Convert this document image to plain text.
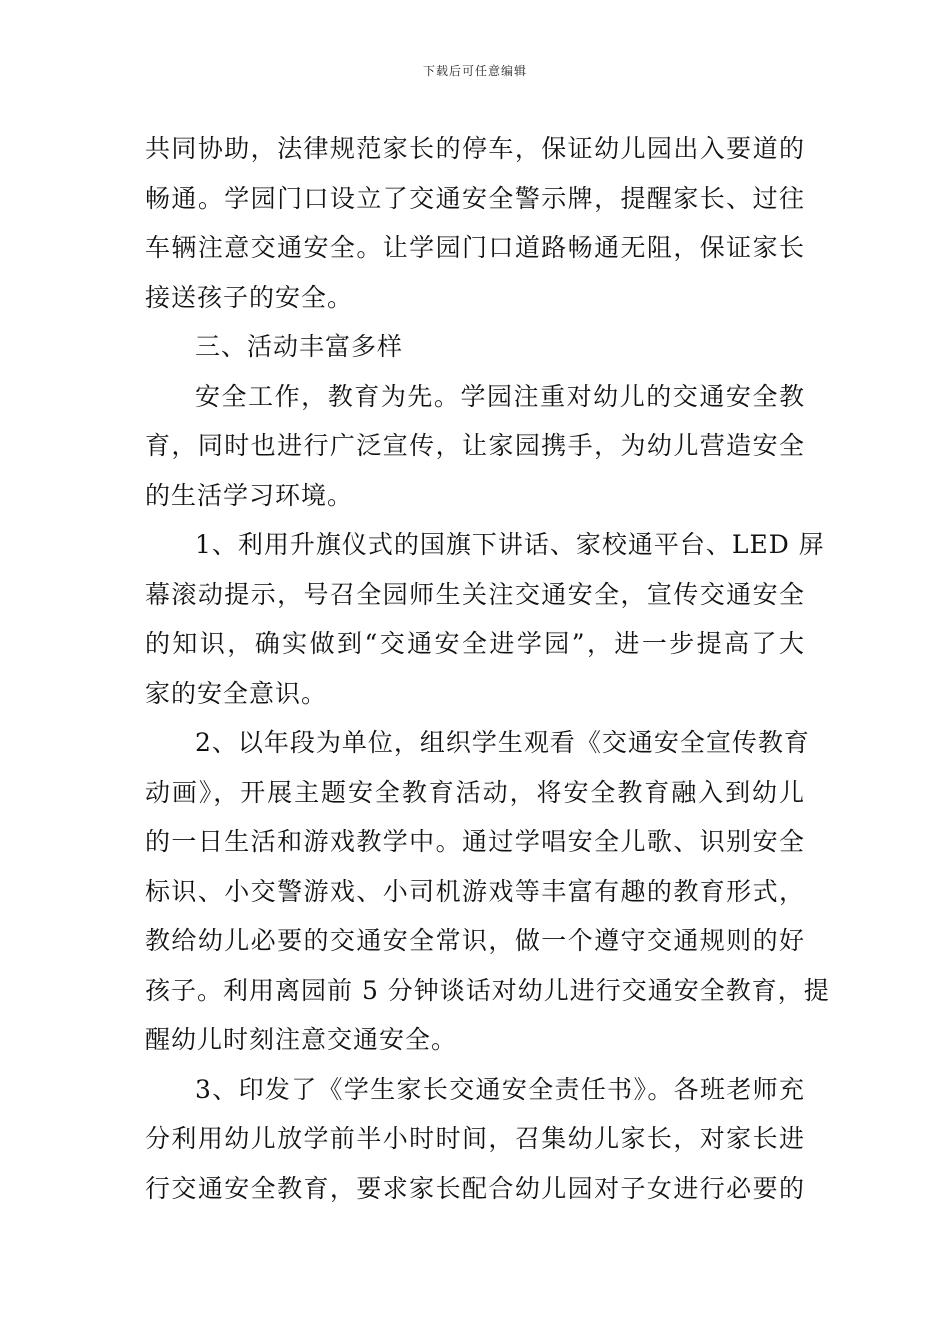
下载后可任意编辑
共同协助，法律规范家长的停车，保证幼儿园出入要道的
畅通。学园门口设立了交通安全警示牌，提醒家长、过往
车辆注意交通安全。让学园门口道路畅通无阻，保证家长
接送孩子的安全。
三、活动丰富多样
安全工作，教育为先。学园注重对幼儿的交通安全教
育，同时也进行广泛宣传，让家园携手，为幼儿营造安全
的生活学习环境。
1、利用升旗仪式的国旗下讲话、家校通平台、LED 屏
幕滚动提示，号召全园师生关注交通安全，宣传交通安全
的知识，确实做到“交通安全进学园”，进一步提高了大
家的安全意识。
2、以年段为单位，组织学生观看《交通安全宣传教育
动画》，开展主题安全教育活动，将安全教育融入到幼儿
的一日生活和游戏教学中。通过学唱安全儿歌、识别安全
标识、小交警游戏、小司机游戏等丰富有趣的教育形式，
教给幼儿必要的交通安全常识，做一个遵守交通规则的好
孩子。利用离园前 5 分钟谈话对幼儿进行交通安全教育，提
醒幼儿时刻注意交通安全。
3、印发了《学生家长交通安全责任书》。各班老师充
分利用幼儿放学前半小时时间，召集幼儿家长，对家长进
行交通安全教育，要求家长配合幼儿园对子女进行必要的
